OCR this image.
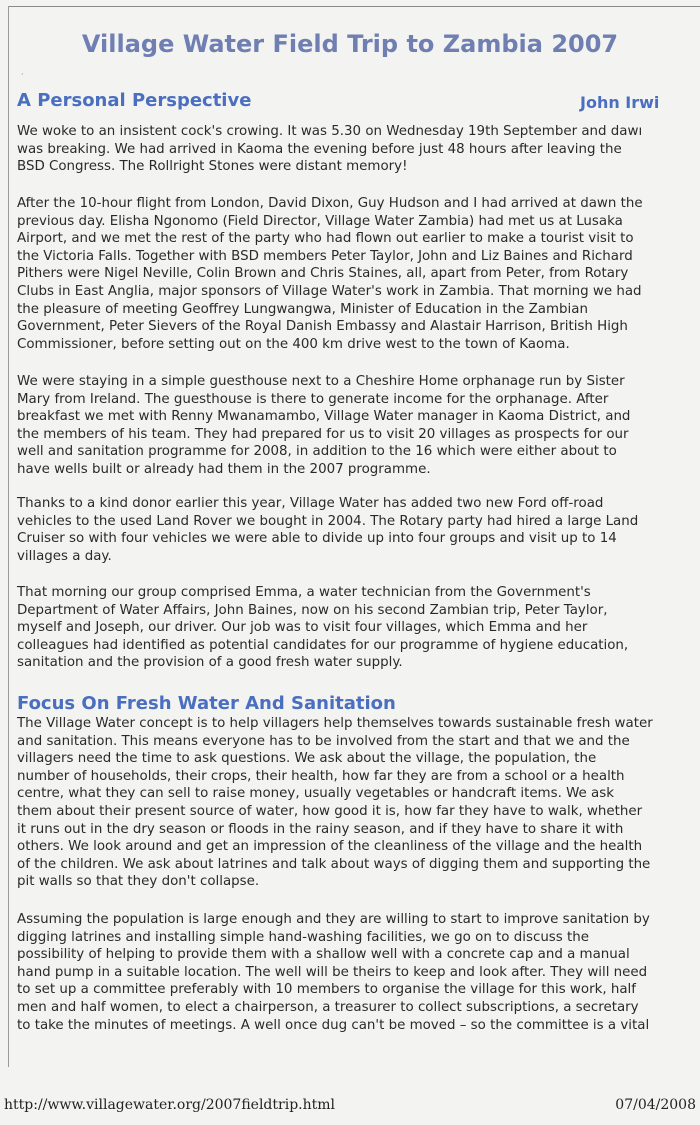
Village Water Field Trip to Zambia 2007
·
A Personal Perspective	John Irwi

We woke to an insistent cock's crowing. It was 5.30 on Wednesday 19th September and dawı
was breaking. We had arrived in Kaoma the evening before just 48 hours after leaving the
BSD Congress. The Rollright Stones were distant memory!

After the 10-hour flight from London, David Dixon, Guy Hudson and I had arrived at dawn the
previous day. Elisha Ngonomo (Field Director, Village Water Zambia) had met us at Lusaka
Airport, and we met the rest of the party who had flown out earlier to make a tourist visit to
the Victoria Falls. Together with BSD members Peter Taylor, John and Liz Baines and Richard
Pithers were Nigel Neville, Colin Brown and Chris Staines, all, apart from Peter, from Rotary
Clubs in East Anglia, major sponsors of Village Water's work in Zambia. That morning we had
the pleasure of meeting Geoffrey Lungwangwa, Minister of Education in the Zambian
Government, Peter Sievers of the Royal Danish Embassy and Alastair Harrison, British High
Commissioner, before setting out on the 400 km drive west to the town of Kaoma.

We were staying in a simple guesthouse next to a Cheshire Home orphanage run by Sister
Mary from Ireland. The guesthouse is there to generate income for the orphanage. After
breakfast we met with Renny Mwanamambo, Village Water manager in Kaoma District, and
the members of his team. They had prepared for us to visit 20 villages as prospects for our
well and sanitation programme for 2008, in addition to the 16 which were either about to
have wells built or already had them in the 2007 programme.

Thanks to a kind donor earlier this year, Village Water has added two new Ford off-road
vehicles to the used Land Rover we bought in 2004. The Rotary party had hired a large Land
Cruiser so with four vehicles we were able to divide up into four groups and visit up to 14
villages a day.

That morning our group comprised Emma, a water technician from the Government's
Department of Water Affairs, John Baines, now on his second Zambian trip, Peter Taylor,
myself and Joseph, our driver. Our job was to visit four villages, which Emma and her
colleagues had identified as potential candidates for our programme of hygiene education,
sanitation and the provision of a good fresh water supply.

Focus On Fresh Water And Sanitation

The Village Water concept is to help villagers help themselves towards sustainable fresh water
and sanitation. This means everyone has to be involved from the start and that we and the
villagers need the time to ask questions. We ask about the village, the population, the
number of households, their crops, their health, how far they are from a school or a health
centre, what they can sell to raise money, usually vegetables or handcraft items. We ask
them about their present source of water, how good it is, how far they have to walk, whether
it runs out in the dry season or floods in the rainy season, and if they have to share it with
others. We look around and get an impression of the cleanliness of the village and the health
of the children. We ask about latrines and talk about ways of digging them and supporting the
pit walls so that they don't collapse.

Assuming the population is large enough and they are willing to start to improve sanitation by
digging latrines and installing simple hand-washing facilities, we go on to discuss the
possibility of helping to provide them with a shallow well with a concrete cap and a manual
hand pump in a suitable location. The well will be theirs to keep and look after. They will need
to set up a committee preferably with 10 members to organise the village for this work, half
men and half women, to elect a chairperson, a treasurer to collect subscriptions, a secretary
to take the minutes of meetings. A well once dug can't be moved – so the committee is a vital

http://www.villagewater.org/2007fieldtrip.html	07/04/2008
